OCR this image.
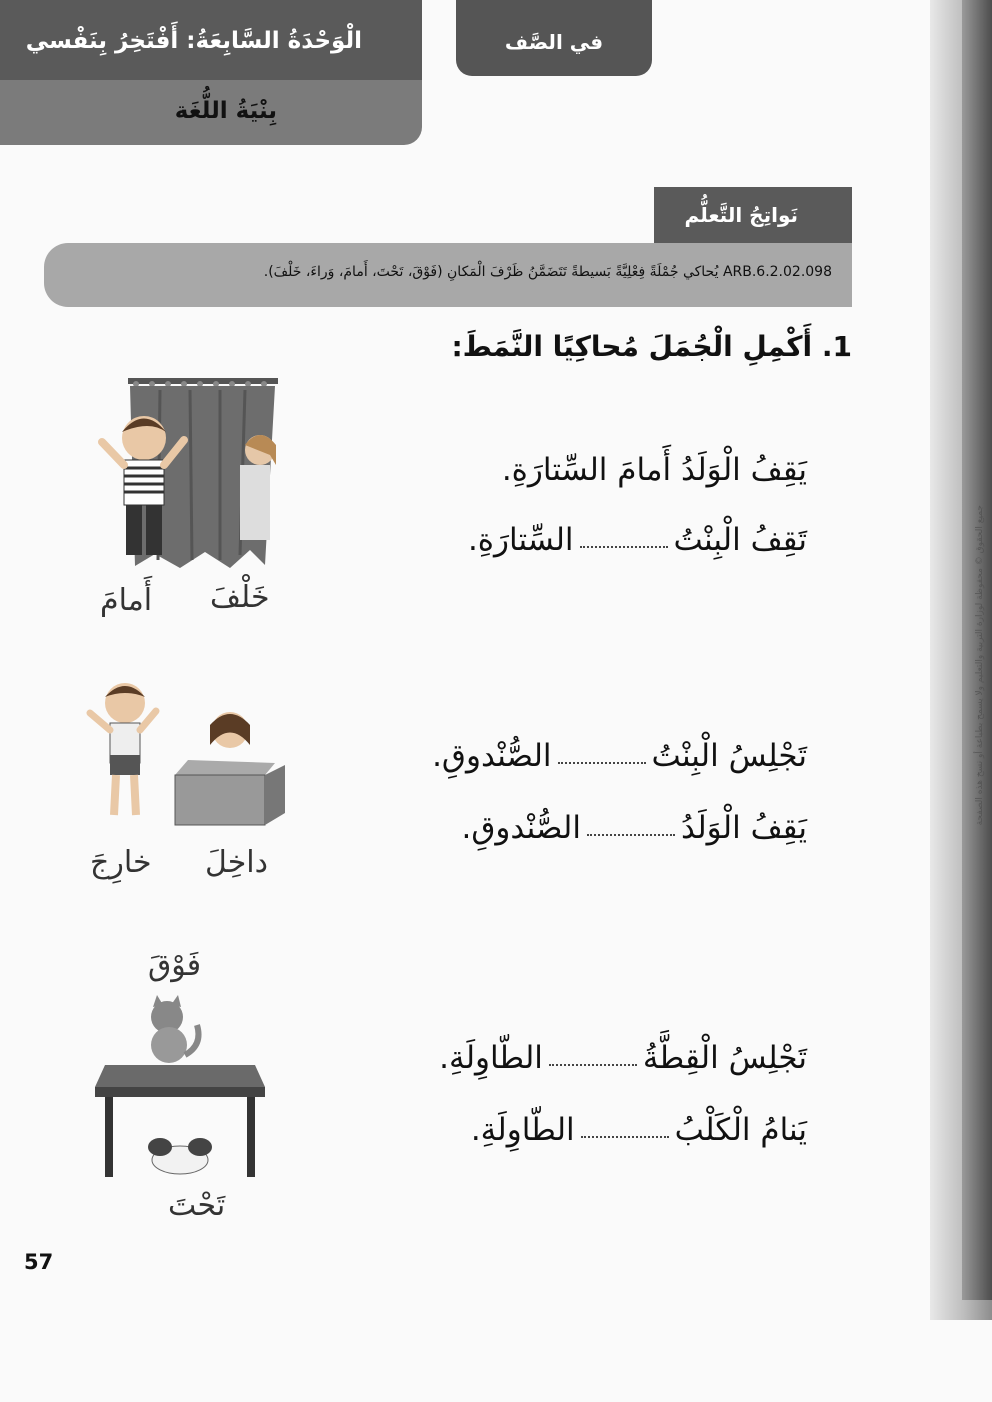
الْوَحْدَةُ السَّابِعَةُ: أَفْتَخِرُ بِنَفْسي
بِنْيَةُ اللُّغَة
في الصَّف
نَواتِجُ التَّعلُّم
ARB.6.2.02.098 يُحاكي جُمْلَةً فِعْلِيَّةً بَسيطةً تَتَضَمَّنُ ظَرْفَ الْمَكانِ (فَوْقَ، تَحْتَ، أَمامَ، وَراءَ، خَلْفَ).
1. أَكْمِلِ الْجُمَلَ مُحاكِيًا النَّمَطَ:
يَقِفُ الْوَلَدُ أَمامَ السِّتارَةِ.
تَقِفُ الْبِنْتُالسِّتارَةِ.
تَجْلِسُ الْبِنْتُالصُّنْدوقِ.
يَقِفُ الْوَلَدُالصُّنْدوقِ.
تَجْلِسُ الْقِطَّةُالطّاوِلَةِ.
يَنامُ الْكَلْبُالطّاوِلَةِ.
خَلْفَ
أَمامَ
داخِلَ
خارِجَ
فَوْقَ
تَحْتَ
57
جميع الحقوق © محفوظة لوزارة التربية والتعليم ولا يسمح بطباعة أو نسخ هذه الصفحة
